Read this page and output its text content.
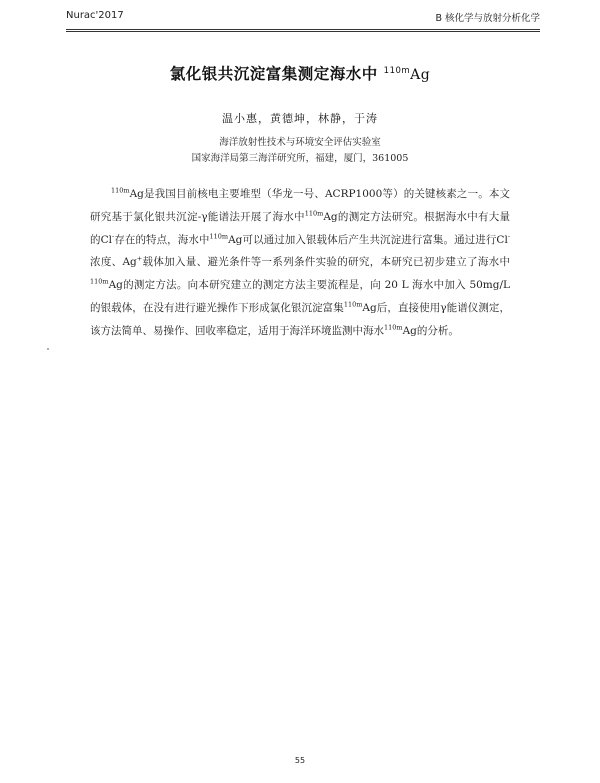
Nurac'2017	B 核化学与放射分析化学
氯化银共沉淀富集测定海水中 $^{110m}$Ag
温小惠，黄德坤，林静，于涛
海洋放射性技术与环境安全评估实验室
国家海洋局第三海洋研究所，福建，厦门，361005
$^{110m}$Ag是我国目前核电主要堆型（华龙一号、ACRP1000等）的关键核素之一。本文研究基于氯化银共沉淀-γ能谱法开展了海水中$^{110m}$Ag的测定方法研究。根据海水中有大量的Cl-存在的特点，海水中$^{110m}$Ag可以通过加入银载体后产生共沉淀进行富集。通过进行Cl-浓度、Ag+载体加入量、避光条件等一系列条件实验的研究，本研究已初步建立了海水中$^{110m}$Ag的测定方法。向本研究建立的测定方法主要流程是，向 20 L 海水中加入 50mg/L 的银载体，在没有进行避光操作下形成氯化银沉淀富集$^{110m}$Ag后，直接使用γ能谱仪测定，该方法简单、易操作、回收率稳定，适用于海洋环境监测中海水$^{110m}$Ag的分析。
55
